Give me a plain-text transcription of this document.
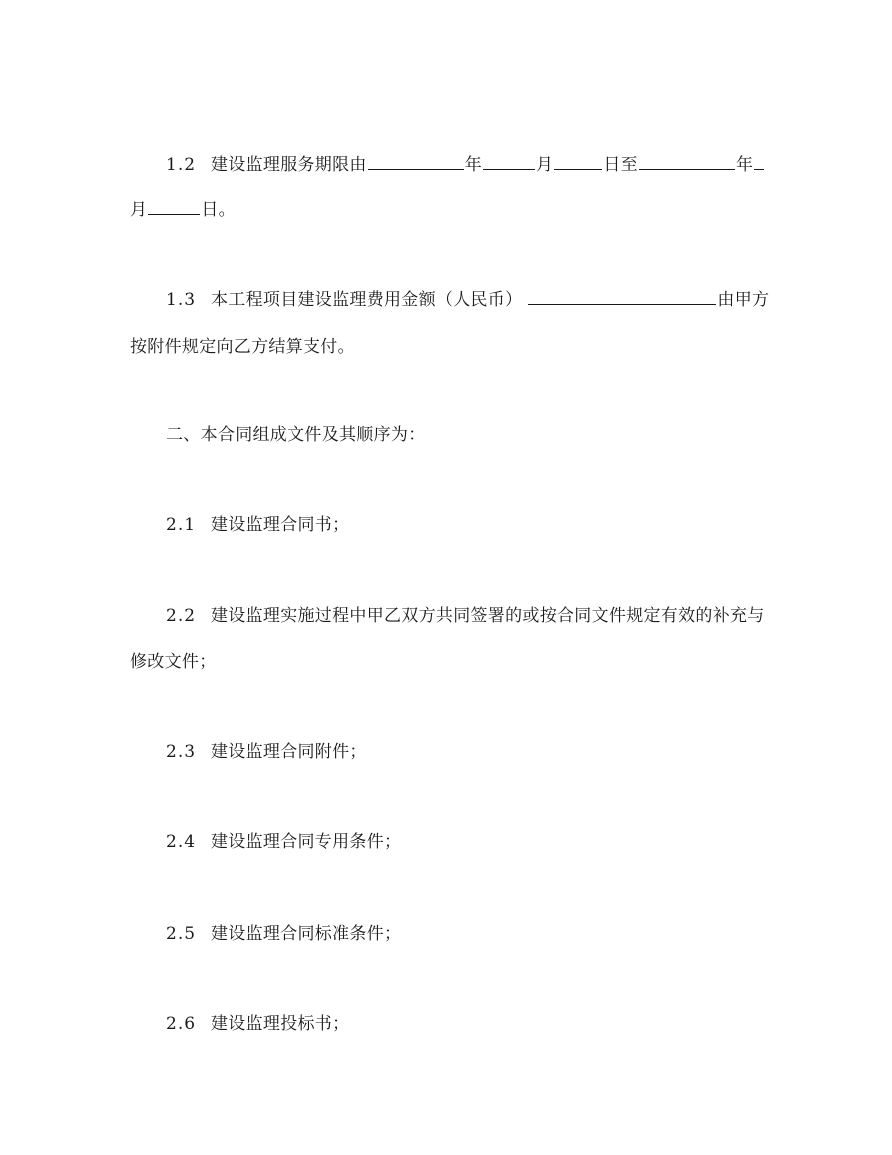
1.2 建设监理服务期限由	年	月	日至	年
月	日。
1.3 本工程项目建设监理费用金额（人民币）	由甲方
按附件规定向乙方结算支付。
二、本合同组成文件及其顺序为：
2.1 建设监理合同书；
2.2 建设监理实施过程中甲乙双方共同签署的或按合同文件规定有效的补充与
修改文件；
2.3 建设监理合同附件；
2.4 建设监理合同专用条件；
2.5 建设监理合同标准条件；
2.6 建设监理投标书；
